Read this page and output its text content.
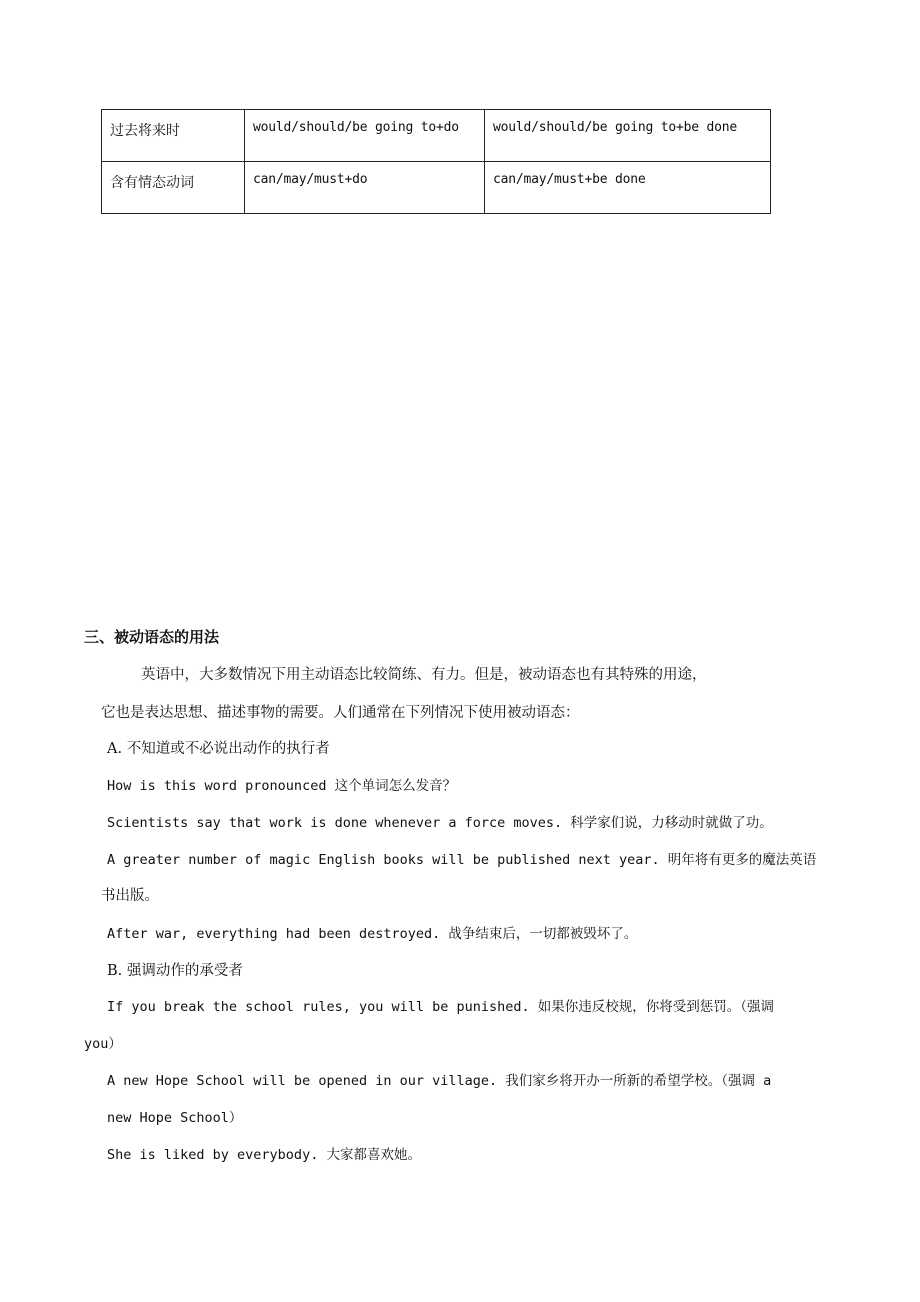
过去将来时	would/should/be going to+do	would/should/be going to+be done
含有情态动词	can/may/must+do	can/may/must+be done
三、被动语态的用法
英语中，大多数情况下用主动语态比较简练、有力。但是，被动语态也有其特殊的用途，
它也是表达思想、描述事物的需要。人们通常在下列情况下使用被动语态：
A. 不知道或不必说出动作的执行者
How is this word pronounced 这个单词怎么发音？
Scientists say that work is done whenever a force moves. 科学家们说，力移动时就做了功。
A greater number of magic English books will be published next year. 明年将有更多的魔法英语
书出版。
After war, everything had been destroyed. 战争结束后，一切都被毁坏了。
B. 强调动作的承受者
If you break the school rules, you will be punished. 如果你违反校规，你将受到惩罚。（强调
you）
A new Hope School will be opened in our village. 我们家乡将开办一所新的希望学校。（强调 a
new Hope School）
She is liked by everybody. 大家都喜欢她。
